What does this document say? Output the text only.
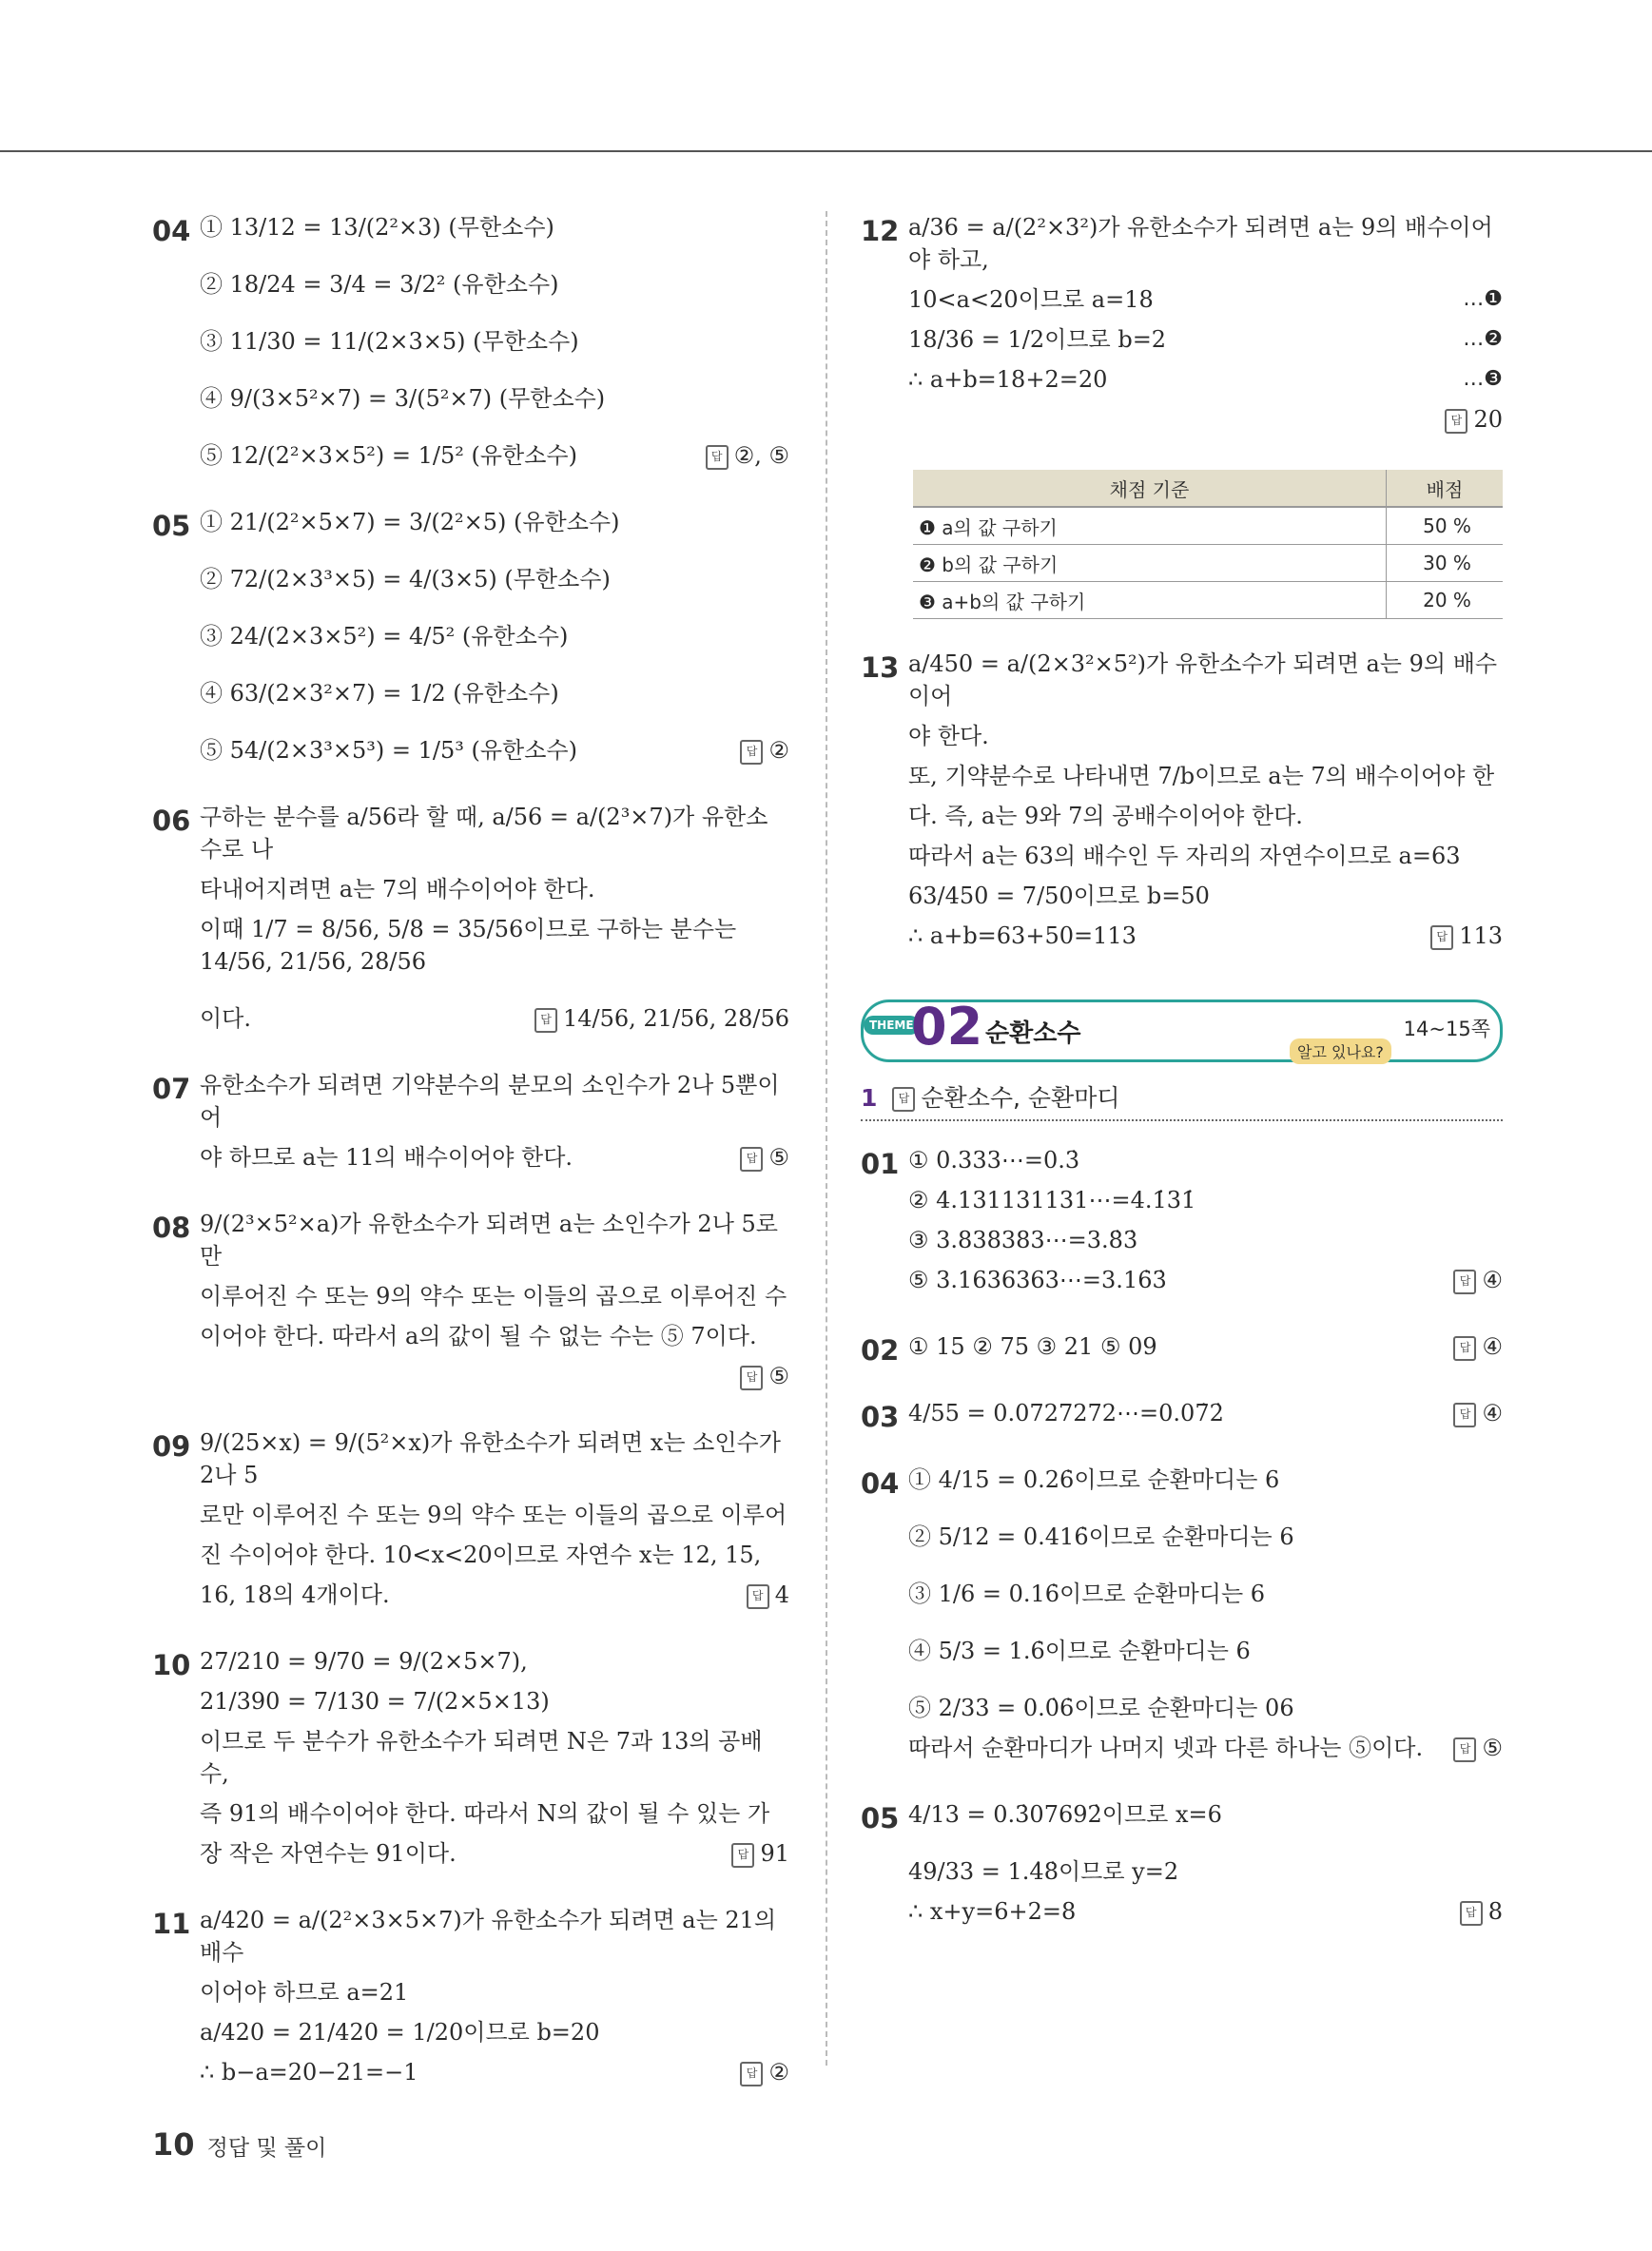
04 ① 13/12 = 13/(2²×3) (무한소수)
② 18/24 = 3/4 = 3/2² (유한소수)
③ 11/30 = 11/(2×3×5) (무한소수)
④ 9/(3×5²×7) = 3/(5²×7) (무한소수)
⑤ 12/(2²×3×5²) = 1/5² (유한소수)	답 ②, ⑤
05 ① 21/(2²×5×7) = 3/(2²×5) (유한소수)
② 72/(2×3³×5) = 4/(3×5) (무한소수)
③ 24/(2×3×5²) = 4/5² (유한소수)
④ 63/(2×3²×7) = 1/2 (유한소수)
⑤ 54/(2×3³×5³) = 1/5³ (유한소수)	답 ②
06 구하는 분수를 a/56라 할 때, a/56 = a/(2³×7)가 유한소수로 나
타내어지려면 a는 7의 배수이어야 한다.
이때 1/7 = 8/56, 5/8 = 35/56이므로 구하는 분수는 14/56, 21/56, 28/56
이다.	답 14/56, 21/56, 28/56
07 유한소수가 되려면 기약분수의 분모의 소인수가 2나 5뿐이어
야 하므로 a는 11의 배수이어야 한다.	답 ⑤
08 9/(2³×5²×a)가 유한소수가 되려면 a는 소인수가 2나 5로만
이루어진 수 또는 9의 약수 또는 이들의 곱으로 이루어진 수
이어야 한다. 따라서 a의 값이 될 수 없는 수는 ⑤ 7이다.
답 ⑤
09 9/(25×x) = 9/(5²×x)가 유한소수가 되려면 x는 소인수가 2나 5
로만 이루어진 수 또는 9의 약수 또는 이들의 곱으로 이루어
진 수이어야 한다. 10<x<20이므로 자연수 x는 12, 15,
16, 18의 4개이다.	답 4
10 27/210 = 9/70 = 9/(2×5×7),
21/390 = 7/130 = 7/(2×5×13)
이므로 두 분수가 유한소수가 되려면 N은 7과 13의 공배수,
즉 91의 배수이어야 한다. 따라서 N의 값이 될 수 있는 가
장 작은 자연수는 91이다.	답 91
11 a/420 = a/(2²×3×5×7)가 유한소수가 되려면 a는 21의 배수
이어야 하므로 a=21
a/420 = 21/420 = 1/20이므로 b=20
∴ b−a=20−21=−1	답 ②
12 a/36 = a/(2²×3²)가 유한소수가 되려면 a는 9의 배수이어야 하고,
10<a<20이므로 a=18	…❶
18/36 = 1/2이므로 b=2	…❷
∴ a+b=18+2=20	…❸
답 20
채점 기준	배점
❶ a의 값 구하기	50 %
❷ b의 값 구하기	30 %
❸ a+b의 값 구하기	20 %
13 a/450 = a/(2×3²×5²)가 유한소수가 되려면 a는 9의 배수이어
야 한다.
또, 기약분수로 나타내면 7/b이므로 a는 7의 배수이어야 한
다. 즉, a는 9와 7의 공배수이어야 한다.
따라서 a는 63의 배수인 두 자리의 자연수이므로 a=63
63/450 = 7/50이므로 b=50
∴ a+b=63+50=113	답 113
THEME
02 순환소수
알고 있나요?
14~15쪽
1 답 순환소수, 순환마디
01 ① 0.333⋯=0.3̇
② 4.131131131⋯=4.1̇31̇
③ 3.838383⋯=3.8̇3̇
⑤ 3.1636363⋯=3.16̇3̇	답 ④
02 ① 15 ② 75 ③ 21 ⑤ 09	답 ④
03 4/55 = 0.0727272⋯=0.07̇2̇	답 ④
04 ① 4/15 = 0.26̇이므로 순환마디는 6
② 5/12 = 0.416̇이므로 순환마디는 6
③ 1/6 = 0.16̇이므로 순환마디는 6
④ 5/3 = 1.6̇이므로 순환마디는 6
⑤ 2/33 = 0.0̇6̇이므로 순환마디는 06
따라서 순환마디가 나머지 넷과 다른 하나는 ⑤이다.	답 ⑤
05 4/13 = 0.3̇07692̇이므로 x=6
49/33 = 1.4̇8̇이므로 y=2
∴ x+y=6+2=8	답 8
10 정답 및 풀이
